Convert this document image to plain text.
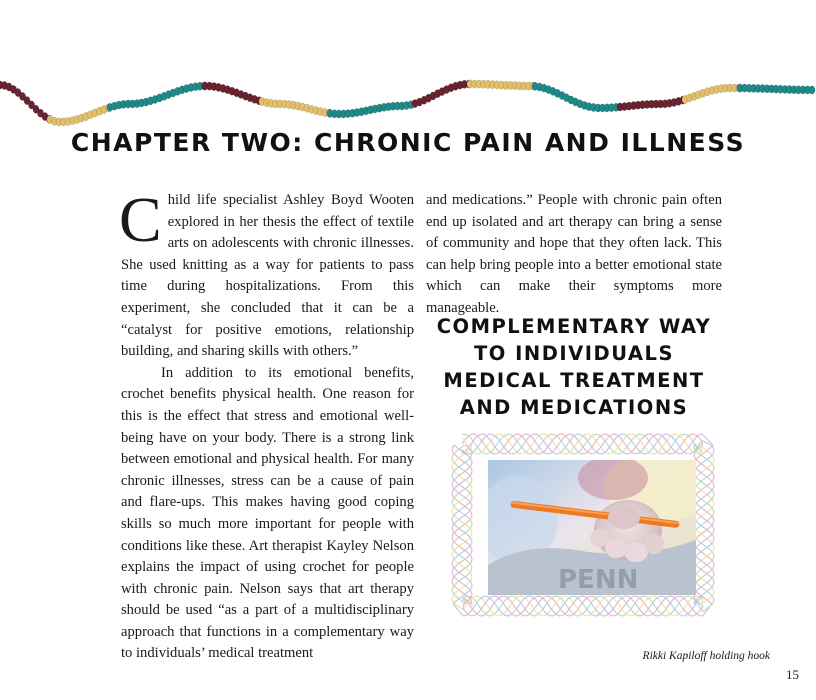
CHAPTER TWO: CHRONIC PAIN AND ILLNESS

Child life specialist Ashley Boyd Wooten explored in her thesis the effect of textile arts on adolescents with chronic illnesses. She used knitting as a way for patients to pass time during hospitalizations. From this experiment, she concluded that it can be a “catalyst for positive emotions, relationship building, and sharing skills with others.”

In addition to its emotional benefits, crochet benefits physical health. One reason for this is the effect that stress and emotional well-being have on your body. There is a strong link between emotional and physical health. For many chronic illnesses, stress can be a cause of pain and flare-ups. This makes having good coping skills so much more important for people with conditions like these. Art therapist Kayley Nelson explains the impact of using crochet for people with chronic pain. Nelson says that art therapy should be used “as a part of a multidisciplinary approach that functions in a complementary way to individuals’ medical treatment

and medications.” People with chronic pain often end up isolated and art therapy can bring a sense of community and hope that they often lack. This can help bring people into a better emotional state which can make their symptoms more manageable.

COMPLEMENTARY WAY TO INDIVIDUALS MEDICAL TREATMENT AND MEDICATIONS
PENN
Rikki Kapiloff holding hook
15
